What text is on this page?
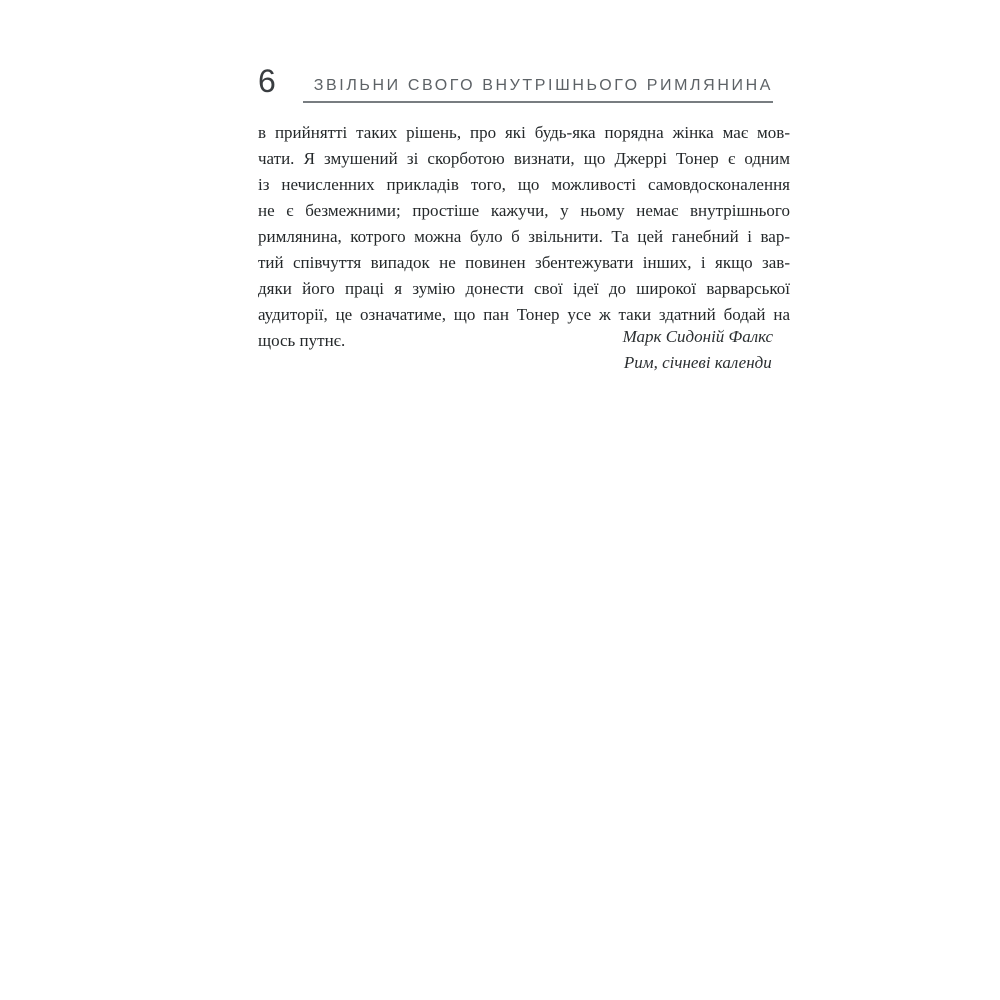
6	ЗВІЛЬНИ СВОГО ВНУТРІШНЬОГО РИМЛЯНИНА
в прийнятті таких рішень, про які будь-яка порядна жінка має мов-
чати. Я змушений зі скорботою визнати, що Джеррі Тонер є одним
із нечисленних прикладів того, що можливості самовдосконалення
не є безмежними; простіше кажучи, у ньому немає внутрішнього
римлянина, котрого можна було б звільнити. Та цей ганебний і вар-
тий співчуття випадок не повинен збентежувати інших, і якщо зав-
дяки його праці я зумію донести свої ідеї до широкої варварської
аудиторії, це означатиме, що пан Тонер усе ж таки здатний бодай на
щось путнє.	Марк Сидоній Фалкс
Рим, січневі календи
